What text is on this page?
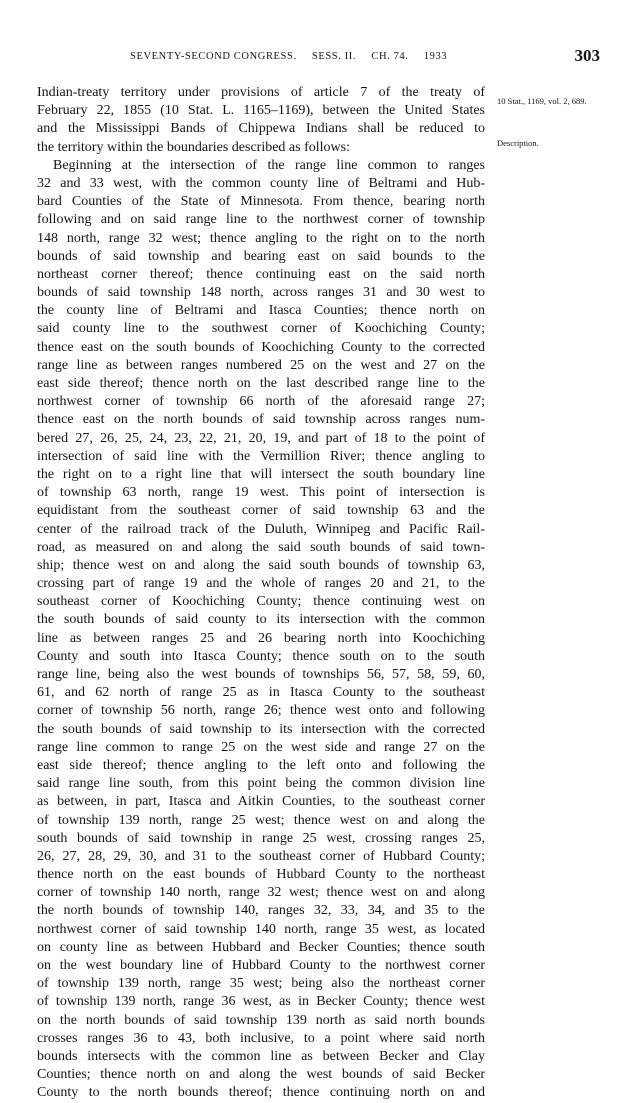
SEVENTY-SECOND CONGRESS. SESS. II. CH. 74. 1933	303
10 Stat., 1169, vol. 2, 689.
Description.
Indian-treaty territory under provisions of article 7 of the treaty of
February 22, 1855 (10 Stat. L. 1165–1169), between the United States
and the Mississippi Bands of Chippewa Indians shall be reduced to
the territory within the boundaries described as follows:
Beginning at the intersection of the range line common to ranges
32 and 33 west, with the common county line of Beltrami and Hub-
bard Counties of the State of Minnesota. From thence, bearing north
following and on said range line to the northwest corner of township
148 north, range 32 west; thence angling to the right on to the north
bounds of said township and bearing east on said bounds to the
northeast corner thereof; thence continuing east on the said north
bounds of said township 148 north, across ranges 31 and 30 west to
the county line of Beltrami and Itasca Counties; thence north on
said county line to the southwest corner of Koochiching County;
thence east on the south bounds of Koochiching County to the corrected
range line as between ranges numbered 25 on the west and 27 on the
east side thereof; thence north on the last described range line to the
northwest corner of township 66 north of the aforesaid range 27;
thence east on the north bounds of said township across ranges num-
bered 27, 26, 25, 24, 23, 22, 21, 20, 19, and part of 18 to the point of
intersection of said line with the Vermillion River; thence angling to
the right on to a right line that will intersect the south boundary line
of township 63 north, range 19 west. This point of intersection is
equidistant from the southeast corner of said township 63 and the
center of the railroad track of the Duluth, Winnipeg and Pacific Rail-
road, as measured on and along the said south bounds of said town-
ship; thence west on and along the said south bounds of township 63,
crossing part of range 19 and the whole of ranges 20 and 21, to the
southeast corner of Koochiching County; thence continuing west on
the south bounds of said county to its intersection with the common
line as between ranges 25 and 26 bearing north into Koochiching
County and south into Itasca County; thence south on to the south
range line, being also the west bounds of townships 56, 57, 58, 59, 60,
61, and 62 north of range 25 as in Itasca County to the southeast
corner of township 56 north, range 26; thence west onto and following
the south bounds of said township to its intersection with the corrected
range line common to range 25 on the west side and range 27 on the
east side thereof; thence angling to the left onto and following the
said range line south, from this point being the common division line
as between, in part, Itasca and Aitkin Counties, to the southeast corner
of township 139 north, range 25 west; thence west on and along the
south bounds of said township in range 25 west, crossing ranges 25,
26, 27, 28, 29, 30, and 31 to the southeast corner of Hubbard County;
thence north on the east bounds of Hubbard County to the northeast
corner of township 140 north, range 32 west; thence west on and along
the north bounds of township 140, ranges 32, 33, 34, and 35 to the
northwest corner of said township 140 north, range 35 west, as located
on county line as between Hubbard and Becker Counties; thence south
on the west boundary line of Hubbard County to the northwest corner
of township 139 north, range 35 west; being also the northeast corner
of township 139 north, range 36 west, as in Becker County; thence west
on the north bounds of said township 139 north as said north bounds
crosses ranges 36 to 43, both inclusive, to a point where said north
bounds intersects with the common line as between Becker and Clay
Counties; thence north on and along the west bounds of said Becker
County to the north bounds thereof; thence continuing north on and
